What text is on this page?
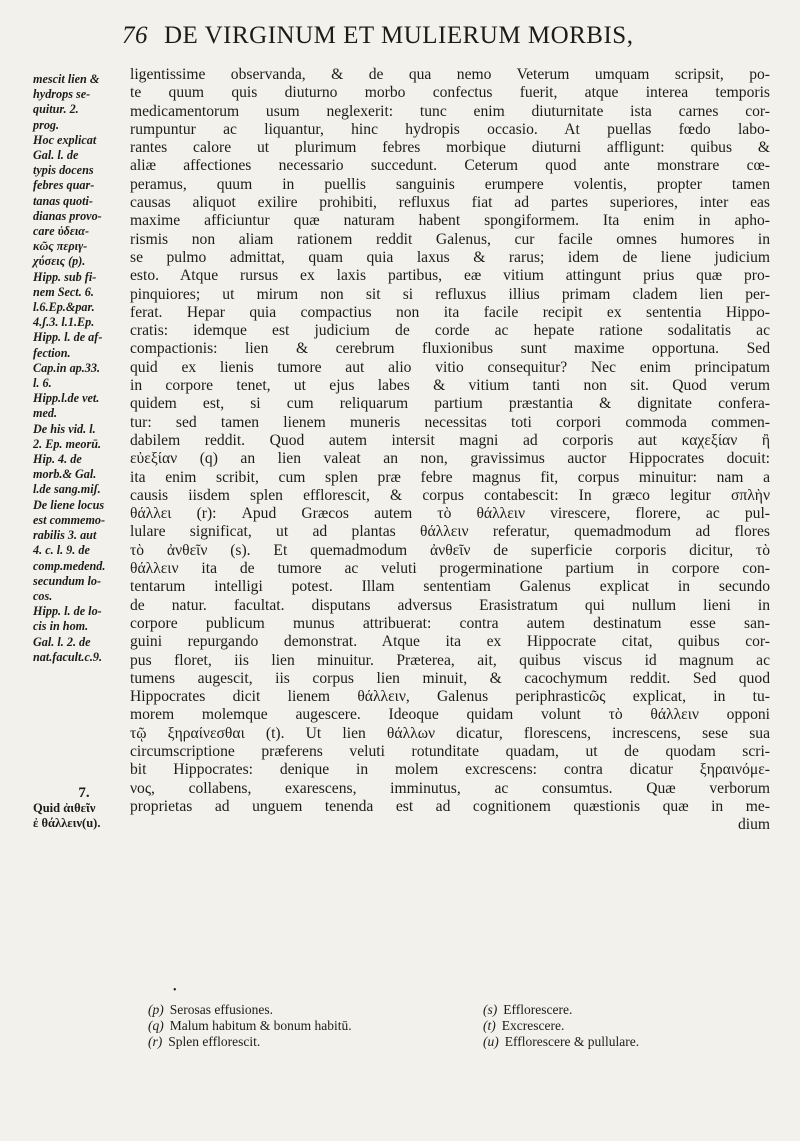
76 DE VIRGINUM ET MULIERUM MORBIS,
mescit lien &
hydrops se-
quitur. 2.
prog.
Hoc explicat
Gal. l. de
typis docens
febres quar-
tanas quoti-
dianas provo-
care ὑδεια-
κῶς περιγ-
χύσεις (p).
Hipp. sub fi-
nem Sect. 6.
l.6.Ep.&par.
4.ʃ.3. l.1.Ep.
Hipp. l. de af-
fection.
Cap.in ap.33.
l. 6.
Hipp.l.de vet.
med.
De his vid. l.
2. Ep. meorū.
Hip. 4. de
morb.& Gal.
l.de sang.miʃ.
De liene locus
est commemo-
rabilis 3. aut
4. c. l. 9. de
comp.medend.
secundum lo-
cos.
Hipp. l. de lo-
cis in hom.
Gal. l. 2. de
nat.facult.c.9.
7.
Quid ἀιθεῖν
ἐ θάλλειν(u).
ligentissime observanda, & de qua nemo Veterum umquam scripsit, po-
te quum quis diuturno morbo confectus fuerit, atque interea temporis
medicamentorum usum neglexerit: tunc enim diuturnitate ista carnes cor-
rumpuntur ac liquantur, hinc hydropis occasio. At puellas fœdo labo-
rantes calore ut plurimum febres morbique diuturni affligunt: quibus &
aliæ affectiones necessario succedunt. Ceterum quod ante monstrare cœ-
peramus, quum in puellis sanguinis erumpere volentis, propter tamen
causas aliquot exilire prohibiti, refluxus fiat ad partes superiores, inter eas
maxime afficiuntur quæ naturam habent spongiformem. Ita enim in apho-
rismis non aliam rationem reddit Galenus, cur facile omnes humores in
se pulmo admittat, quam quia laxus & rarus; idem de liene judicium
esto. Atque rursus ex laxis partibus, eæ vitium attingunt prius quæ pro-
pinquiores; ut mirum non sit si refluxus illius primam cladem lien per-
ferat. Hepar quia compactius non ita facile recipit ex sententia Hippo-
cratis: idemque est judicium de corde ac hepate ratione sodalitatis ac
compactionis: lien & cerebrum fluxionibus sunt maxime opportuna. Sed
quid ex lienis tumore aut alio vitio consequitur? Nec enim principatum
in corpore tenet, ut ejus labes & vitium tanti non sit. Quod verum
quidem est, si cum reliquarum partium præstantia & dignitate confera-
tur: sed tamen lienem muneris necessitas toti corpori commoda commen-
dabilem reddit. Quod autem intersit magni ad corporis aut καχεξίαν ἢ
εὐεξίαν (q) an lien valeat an non, gravissimus auctor Hippocrates docuit:
ita enim scribit, cum splen præ febre magnus fit, corpus minuitur: nam a
causis iisdem splen efflorescit, & corpus contabescit: In græco legitur σπλὴν
θάλλει (r): Apud Græcos autem τὸ θάλλειν virescere, florere, ac pul-
lulare significat, ut ad plantas θάλλειν referatur, quemadmodum ad flores
τὸ ἀνθεῖν (s). Et quemadmodum ἀνθεῖν de superficie corporis dicitur, τὸ
θάλλειν ita de tumore ac veluti progerminatione partium in corpore con-
tentarum intelligi potest. Illam sententiam Galenus explicat in secundo
de natur. facultat. disputans adversus Erasistratum qui nullum lieni in
corpore publicum munus attribuerat: contra autem destinatum esse san-
guini repurgando demonstrat. Atque ita ex Hippocrate citat, quibus cor-
pus floret, iis lien minuitur. Præterea, ait, quibus viscus id magnum ac
tumens augescit, iis corpus lien minuit, & cacochymum reddit. Sed quod
Hippocrates dicit lienem θάλλειν, Galenus periphrasticῶς explicat, in tu-
morem molemque augescere. Ideoque quidam volunt τὸ θάλλειν opponi
τῷ ξηραίνεσθαι (t). Ut lien θάλλων dicatur, florescens, increscens, sese sua
circumscriptione præferens veluti rotunditate quadam, ut de quodam scri-
bit Hippocrates: denique in molem excrescens: contra dicatur ξηραινόμε-
νος, collabens, exarescens, imminutus, ac consumtus. Quæ verborum
proprietas ad unguem tenenda est ad cognitionem quæstionis quæ in me-
dium
•
(p) Serosas effusiones.
(q) Malum habitum & bonum habitū.
(r) Splen efflorescit.
(s) Efflorescere.
(t) Excrescere.
(u) Efflorescere & pullulare.
